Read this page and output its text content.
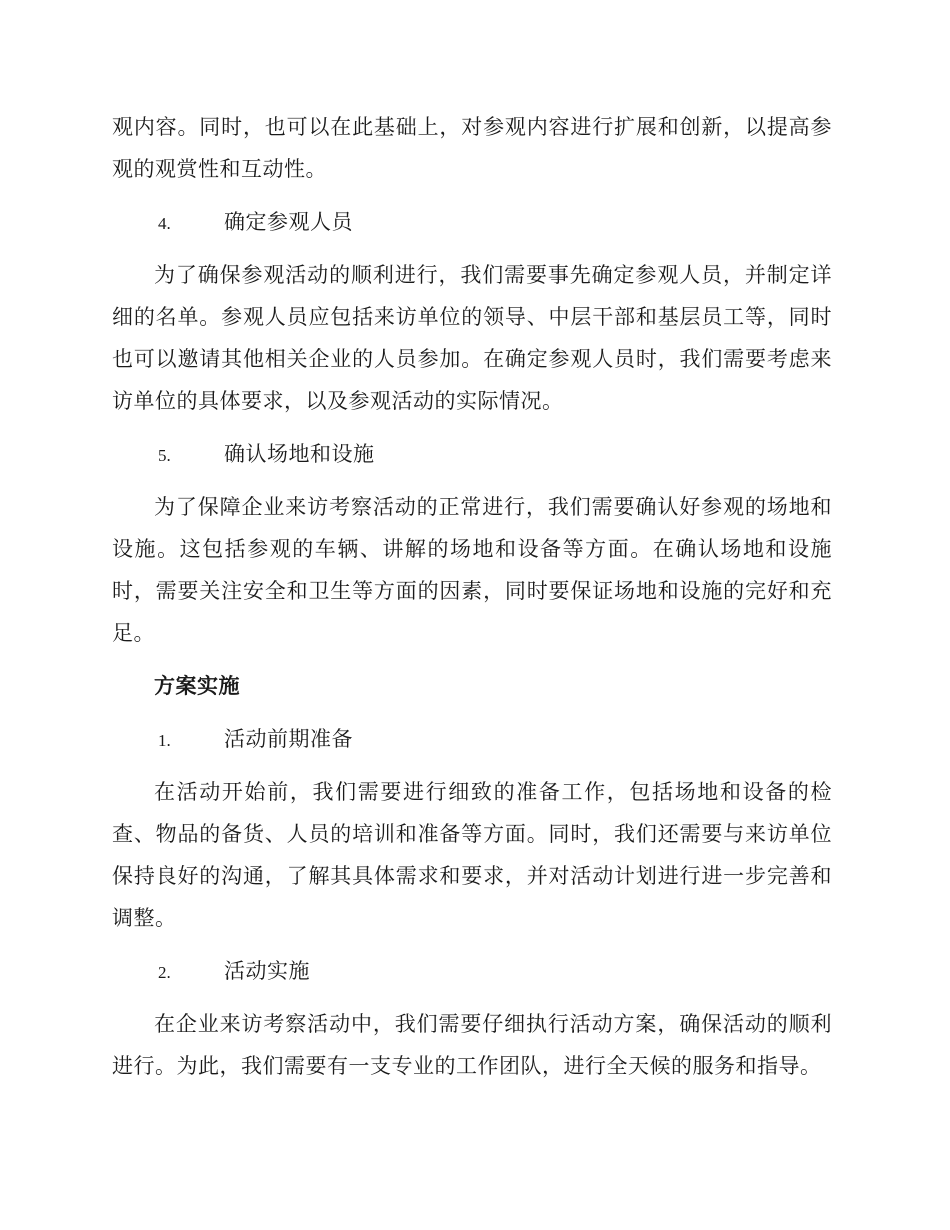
观内容。同时，也可以在此基础上，对参观内容进行扩展和创新，以提高参观的观赏性和互动性。

4.	确定参观人员

为了确保参观活动的顺利进行，我们需要事先确定参观人员，并制定详细的名单。参观人员应包括来访单位的领导、中层干部和基层员工等，同时也可以邀请其他相关企业的人员参加。在确定参观人员时，我们需要考虑来访单位的具体要求，以及参观活动的实际情况。

5.	确认场地和设施

为了保障企业来访考察活动的正常进行，我们需要确认好参观的场地和设施。这包括参观的车辆、讲解的场地和设备等方面。在确认场地和设施时，需要关注安全和卫生等方面的因素，同时要保证场地和设施的完好和充足。

方案实施
1.	活动前期准备

在活动开始前，我们需要进行细致的准备工作，包括场地和设备的检查、物品的备货、人员的培训和准备等方面。同时，我们还需要与来访单位保持良好的沟通，了解其具体需求和要求，并对活动计划进行进一步完善和调整。

2.	活动实施

在企业来访考察活动中，我们需要仔细执行活动方案，确保活动的顺利进行。为此，我们需要有一支专业的工作团队，进行全天候的服务和指导。
